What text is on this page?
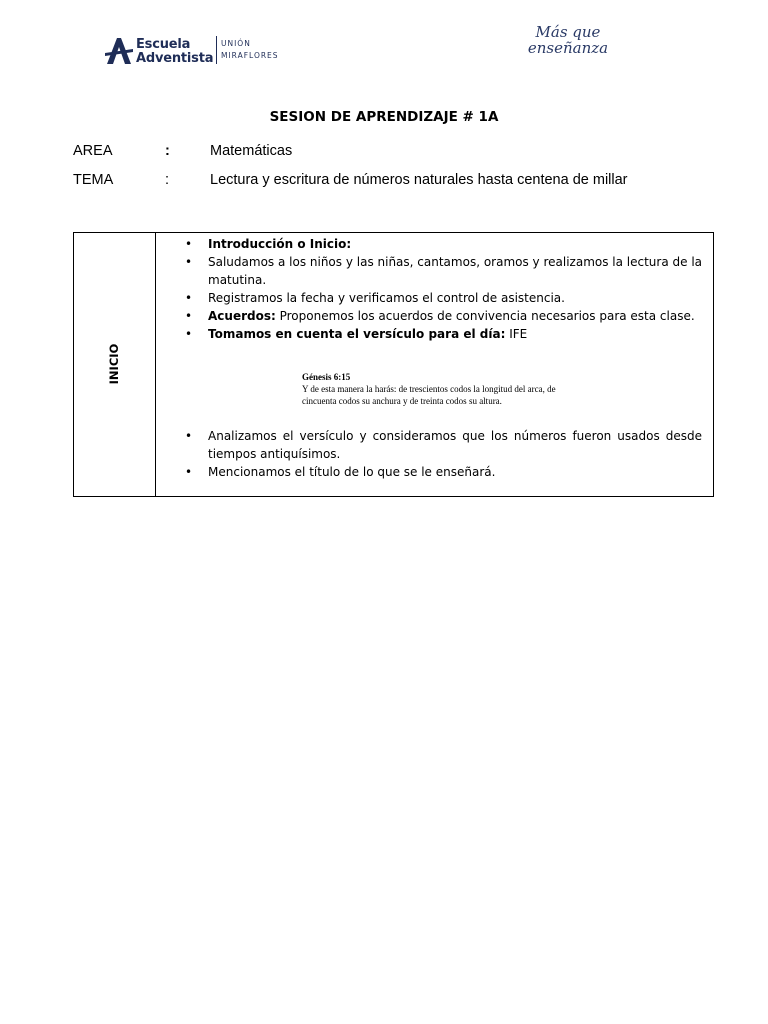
Escuela
Adventista
UNIÓN
MIRAFLORES
Más que
enseñanza
SESION DE APRENDIZAJE # 1A
AREA	:	Matemáticas
TEMA	:	Lectura y escritura de números naturales hasta centena de millar
INICIO
• Introducción o Inicio:
• Saludamos a los niños y las niñas, cantamos, oramos y realizamos la lectura de la matutina.
• Registramos la fecha y verificamos el control de asistencia.
• Acuerdos: Proponemos los acuerdos de convivencia necesarios para esta clase.
• Tomamos en cuenta el versículo para el día: IFE
Génesis 6:15
Y de esta manera la harás: de trescientos codos la longitud del arca, de
cincuenta codos su anchura y de treinta codos su altura.
• Analizamos el versículo y consideramos que los números fueron usados desde tiempos antiquísimos.
• Mencionamos el título de lo que se le enseñará.
